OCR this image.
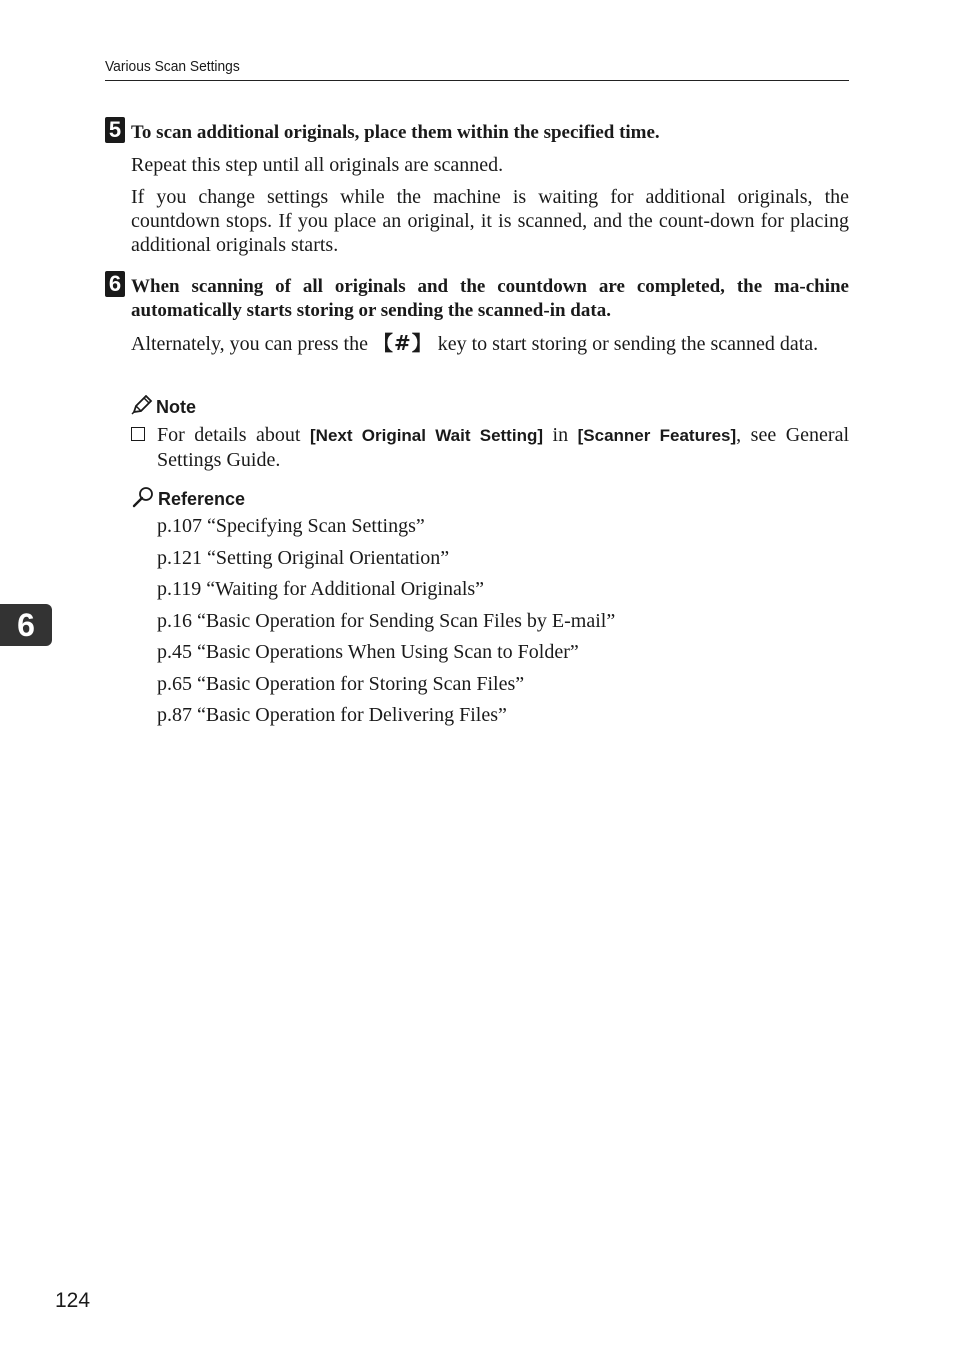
Various Scan Settings
5 To scan additional originals, place them within the specified time.
Repeat this step until all originals are scanned.
If you change settings while the machine is waiting for additional originals, the countdown stops. If you place an original, it is scanned, and the count-down for placing additional originals starts.
6 When scanning of all originals and the countdown are completed, the ma-chine automatically starts storing or sending the scanned-in data.
Alternately, you can press the 【#】 key to start storing or sending the scanned data.
Note
For details about [Next Original Wait Setting] in [Scanner Features], see General Settings Guide.
Reference
p.107 “Specifying Scan Settings”
p.121 “Setting Original Orientation”
p.119 “Waiting for Additional Originals”
p.16 “Basic Operation for Sending Scan Files by E-mail”
p.45 “Basic Operations When Using Scan to Folder”
p.65 “Basic Operation for Storing Scan Files”
p.87 “Basic Operation for Delivering Files”
6
124
